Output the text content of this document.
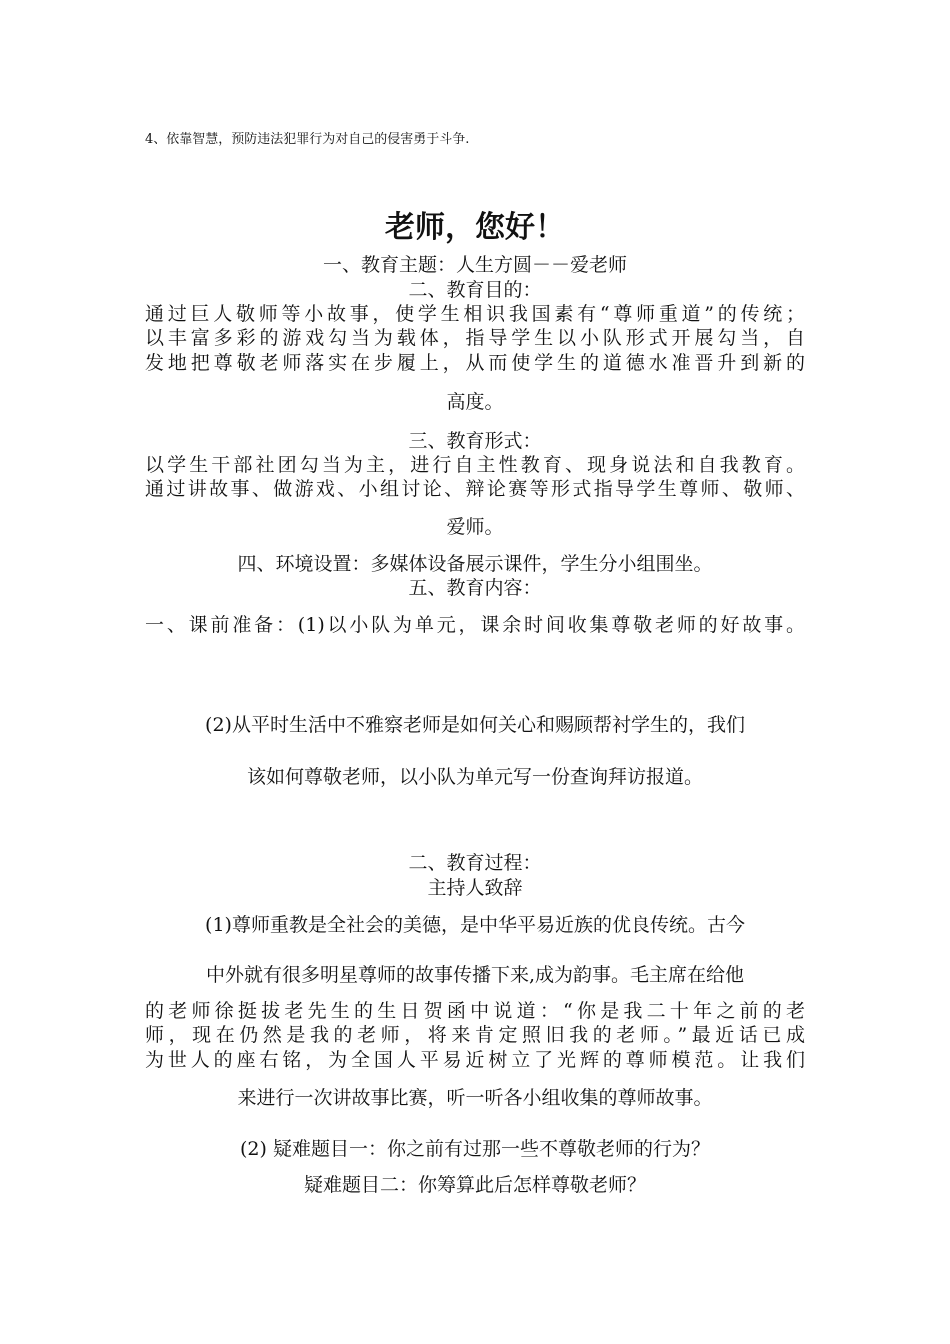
4、依靠智慧，预防违法犯罪行为对自己的侵害勇于斗争.
老师，您好！
一、教育主题：人生方圆－－爱老师
二、教育目的：
通过巨人敬师等小故事，使学生相识我国素有“尊师重道”的传统；
以丰富多彩的游戏勾当为载体，指导学生以小队形式开展勾当，自
发地把尊敬老师落实在步履上，从而使学生的道德水准晋升到新的
高度。
三、教育形式：
以学生干部社团勾当为主，进行自主性教育、现身说法和自我教育。
通过讲故事、做游戏、小组讨论、辩论赛等形式指导学生尊师、敬师、
爱师。
四、环境设置：多媒体设备展示课件，学生分小组围坐。
五、教育内容：
一、课前准备：(1)以小队为单元，课余时间收集尊敬老师的好故事。
(2)从平时生活中不雅察老师是如何关心和赐顾帮衬学生的，我们
该如何尊敬老师，以小队为单元写一份查询拜访报道。
二、教育过程：
主持人致辞
(1)尊师重教是全社会的美德，是中华平易近族的优良传统。古今
中外就有很多明星尊师的故事传播下来,成为韵事。毛主席在给他
的老师徐挺拔老先生的生日贺函中说道：“你是我二十年之前的老
师，现在仍然是我的老师，将来肯定照旧我的老师。”最近话已成
为世人的座右铭，为全国人平易近树立了光辉的尊师模范。让我们
来进行一次讲故事比赛，听一听各小组收集的尊师故事。
(2) 疑难题目一：你之前有过那一些不尊敬老师的行为？
疑难题目二：你筹算此后怎样尊敬老师？
